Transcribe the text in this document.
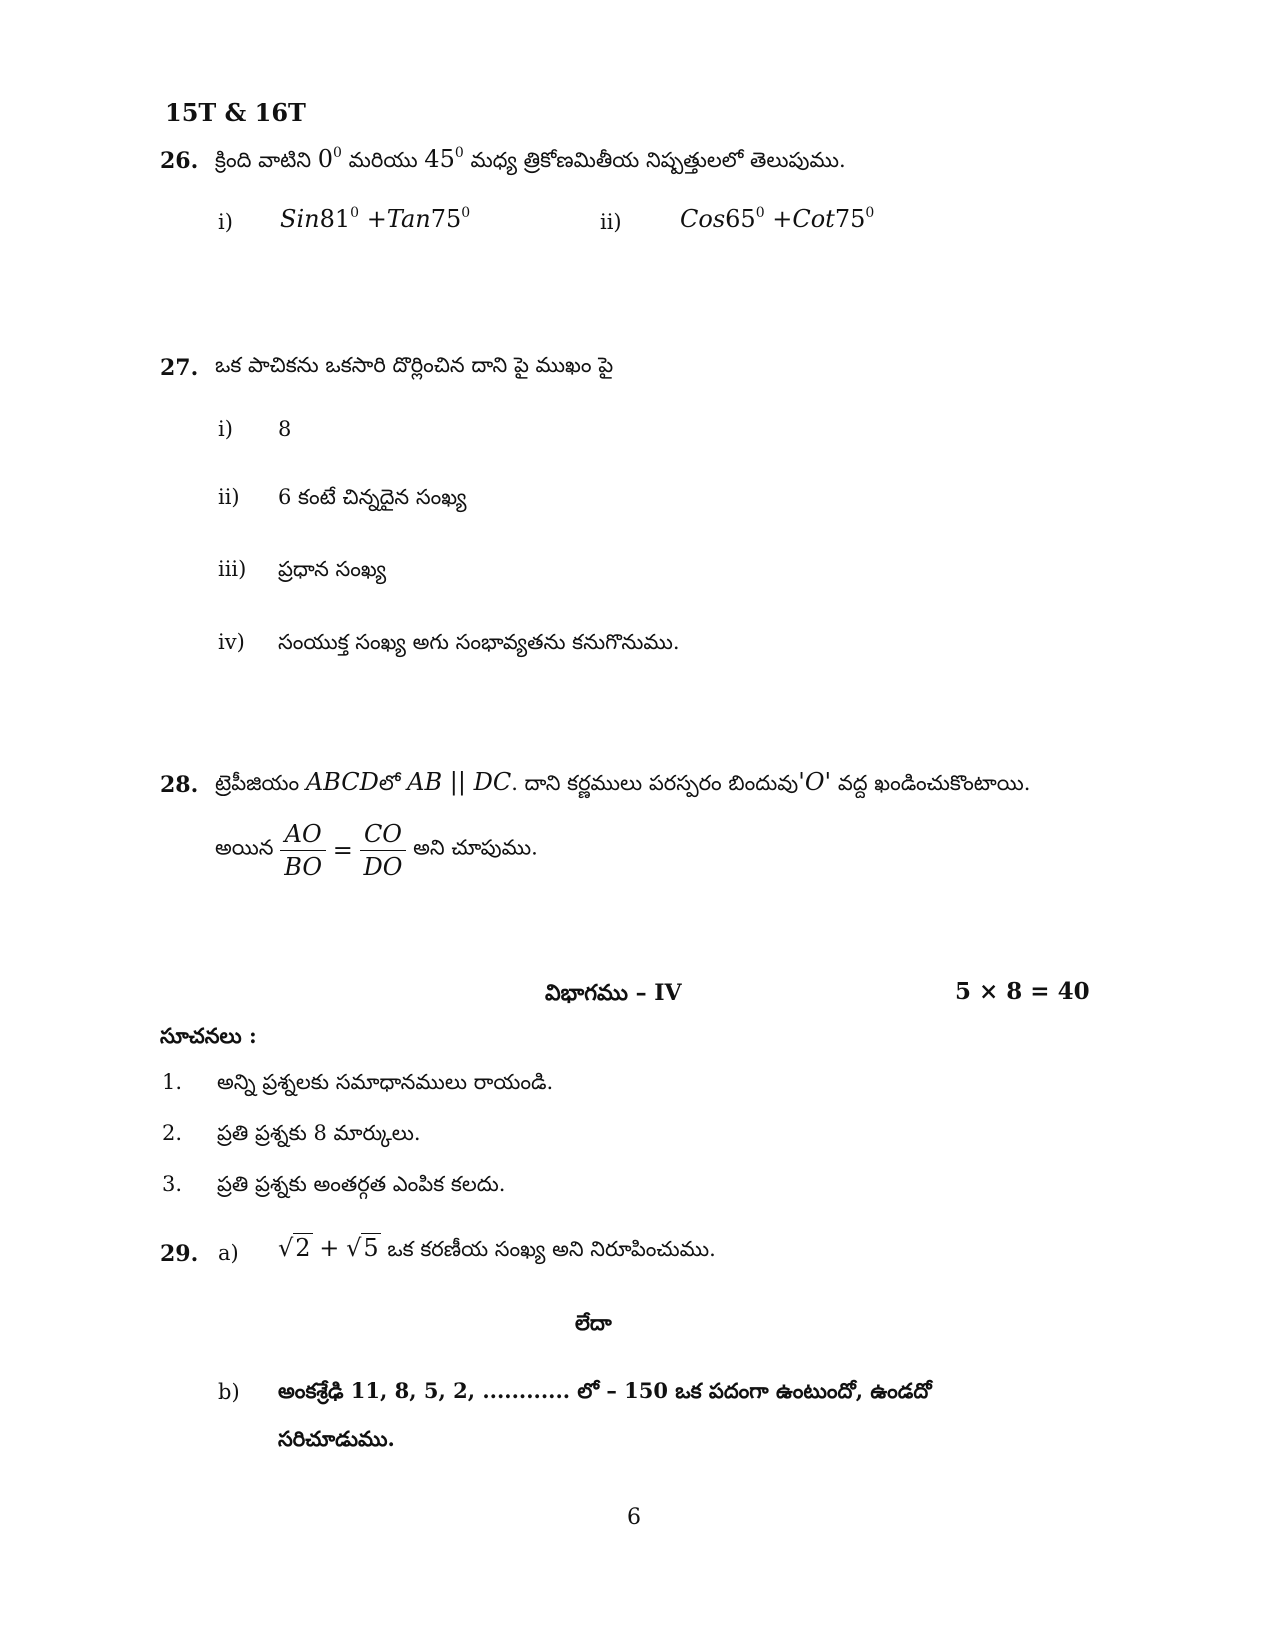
15T & 16T
26. క్రింది వాటిని $0^0$ మరియు $45^0$ మధ్య త్రికోణమితీయ నిష్పత్తులలో తెలుపుము.
i) $Sin81^0 +Tan75^0$	ii) $Cos65^0 +Cot75^0$
27. ఒక పాచికను ఒకసారి దొర్లించిన దాని పై ముఖం పై
i) 8
ii) 6 కంటే చిన్నదైన సంఖ్య
iii) ప్రధాన సంఖ్య
iv) సంయుక్త సంఖ్య అగు సంభావ్యతను కనుగొనుము.
28. ట్రెపీజియం ABCDలో AB || DC. దాని కర్ణములు పరస్పరం బిందువు'O' వద్ద ఖండించుకొంటాయి.
అయిన $\frac{AO}{BO} = \frac{CO}{DO}$ అని చూపుము.
విభాగము – IV	5 × 8 = 40
సూచనలు :
1. అన్ని ప్రశ్నలకు సమాధానములు రాయండి.
2. ప్రతి ప్రశ్నకు 8 మార్కులు.
3. ప్రతి ప్రశ్నకు అంతర్గత ఎంపిక కలదు.
29. a) √2 + √5 ఒక కరణీయ సంఖ్య అని నిరూపించుము.
లేదా
b) అంకశ్రేఢి 11, 8, 5, 2, ............ లో – 150 ఒక పదంగా ఉంటుందో, ఉండదో
సరిచూడుము.
6
